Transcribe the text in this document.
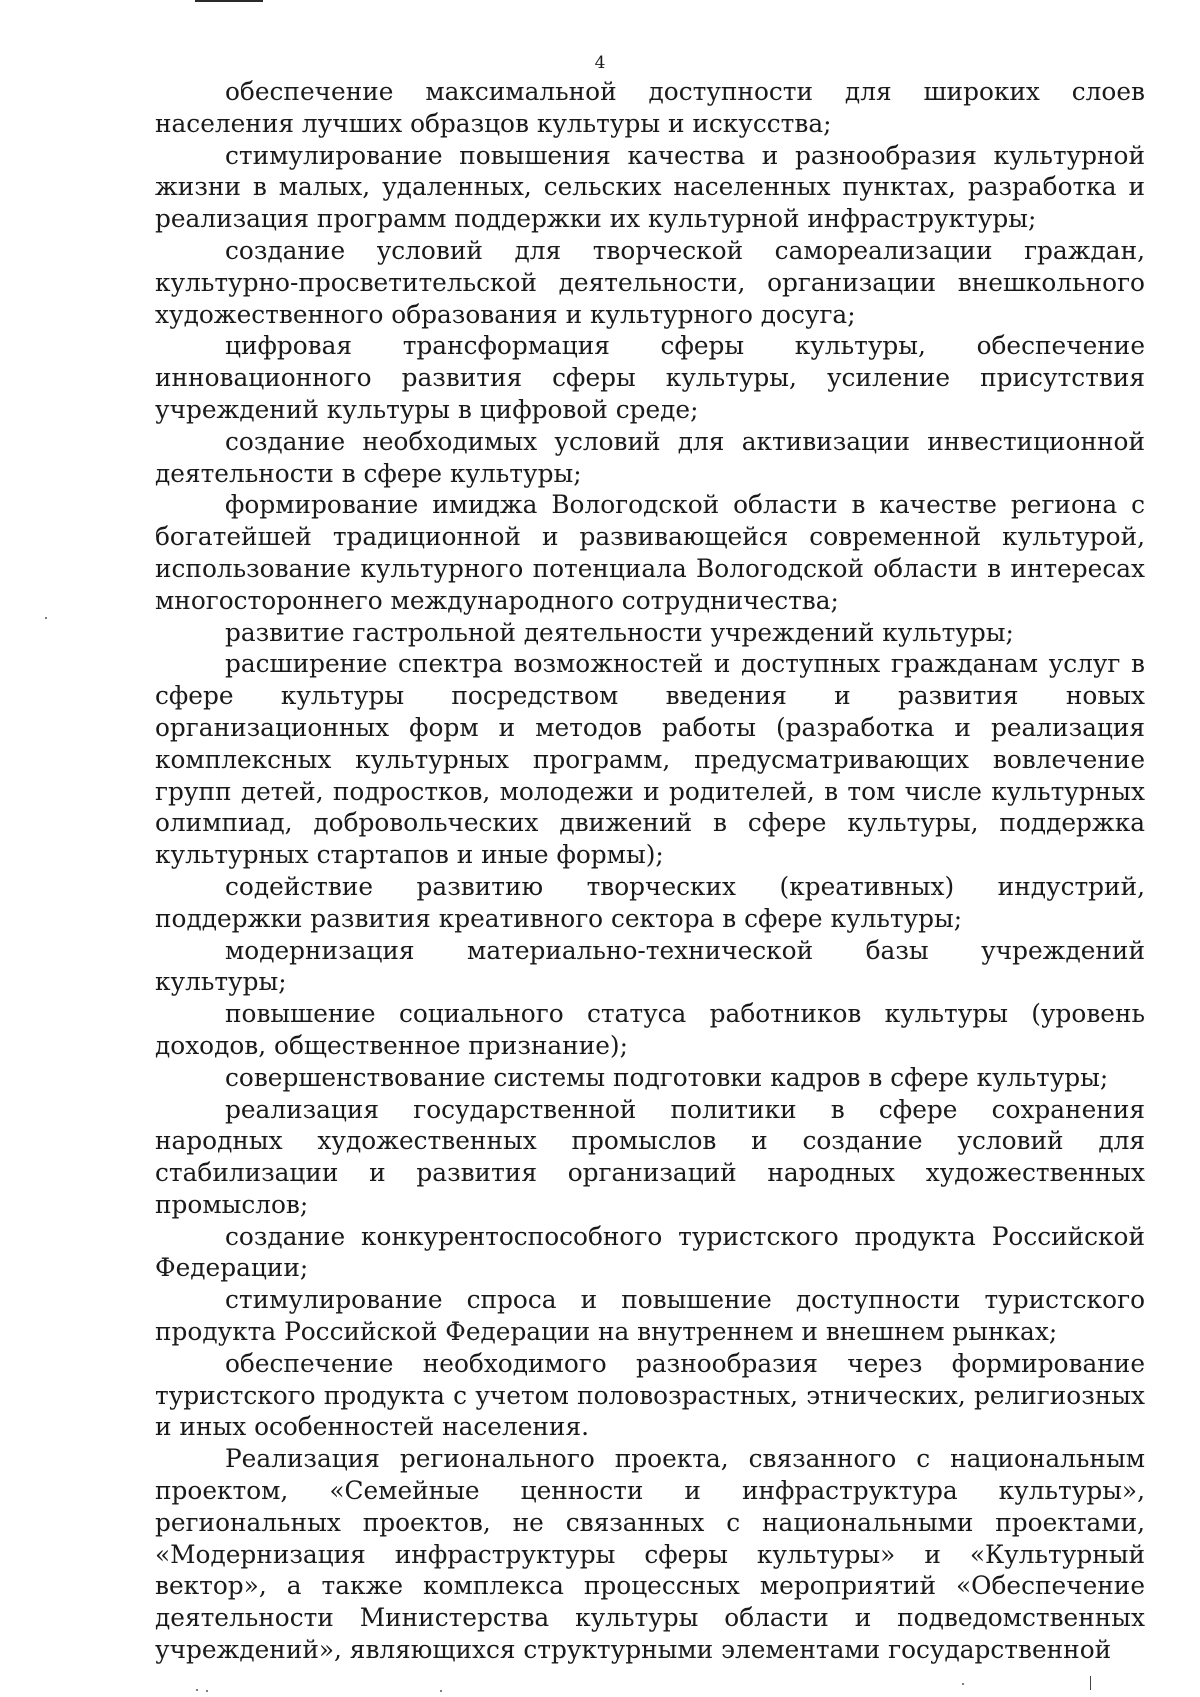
4

обеспечение максимальной доступности для широких слоев населения лучших образцов культуры и искусства;

стимулирование повышения качества и разнообразия культурной жизни в малых, удаленных, сельских населенных пунктах, разработка и реализация программ поддержки их культурной инфраструктуры;

создание условий для творческой самореализации граждан, культурно-просветительской деятельности, организации внешкольного художественного образования и культурного досуга;

цифровая трансформация сферы культуры, обеспечение инновационного развития сферы культуры, усиление присутствия учреждений культуры в цифровой среде;

создание необходимых условий для активизации инвестиционной деятельности в сфере культуры;

формирование имиджа Вологодской области в качестве региона с богатейшей традиционной и развивающейся современной культурой, использование культурного потенциала Вологодской области в интересах многостороннего международного сотрудничества;

развитие гастрольной деятельности учреждений культуры;

расширение спектра возможностей и доступных гражданам услуг в сфере культуры посредством введения и развития новых организационных форм и методов работы (разработка и реализация комплексных культурных программ, предусматривающих вовлечение групп детей, подростков, молодежи и родителей, в том числе культурных олимпиад, добровольческих движений в сфере культуры, поддержка культурных стартапов и иные формы);

содействие развитию творческих (креативных) индустрий, поддержки развития креативного сектора в сфере культуры;

модернизация материально-технической базы учреждений культуры;

повышение социального статуса работников культуры (уровень доходов, общественное признание);

совершенствование системы подготовки кадров в сфере культуры;

реализация государственной политики в сфере сохранения народных художественных промыслов и создание условий для стабилизации и развития организаций народных художественных промыслов;

создание конкурентоспособного туристского продукта Российской Федерации;

стимулирование спроса и повышение доступности туристского продукта Российской Федерации на внутреннем и внешнем рынках;

обеспечение необходимого разнообразия через формирование туристского продукта с учетом половозрастных, этнических, религиозных и иных особенностей населения.

Реализация регионального проекта, связанного с национальным проектом, «Семейные ценности и инфраструктура культуры», региональных проектов, не связанных с национальными проектами, «Модернизация инфраструктуры сферы культуры» и «Культурный вектор», а также комплекса процессных мероприятий «Обеспечение деятельности Министерства культуры области и подведомственных учреждений», являющихся структурными элементами государственной
